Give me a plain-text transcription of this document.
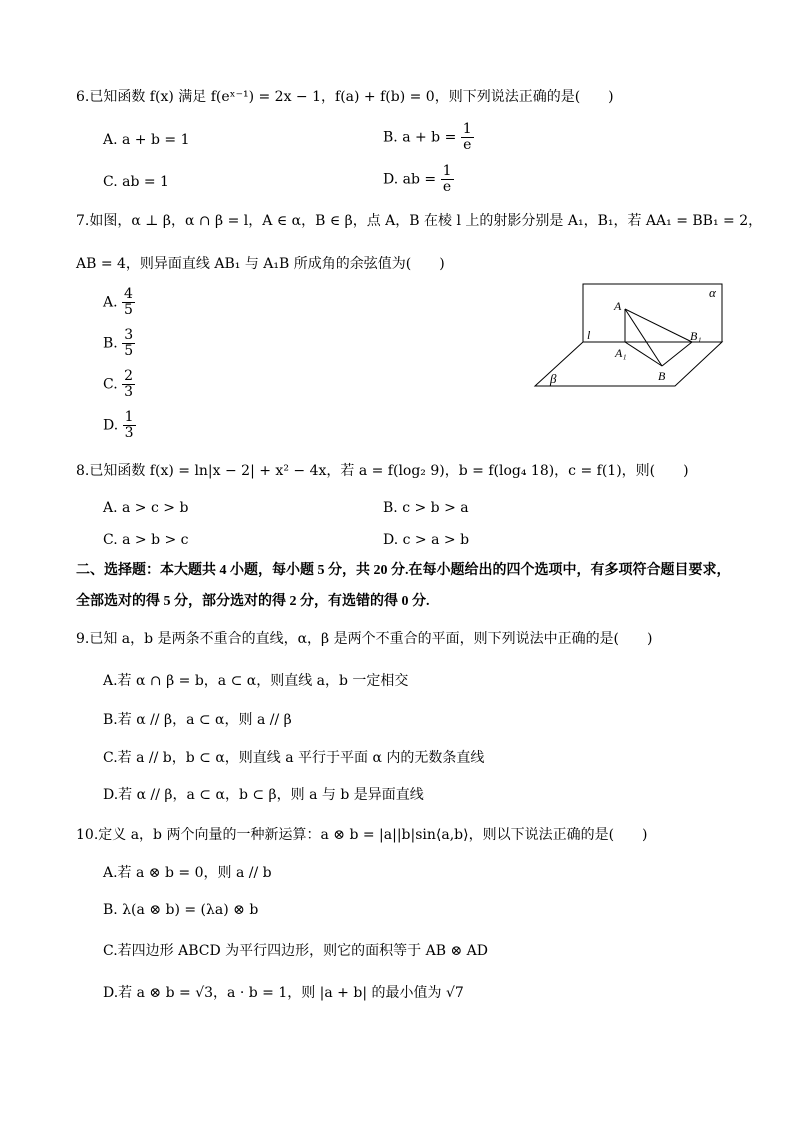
6.已知函数 f(x) 满足 f(eˣ⁻¹) = 2x − 1，f(a) + f(b) = 0，则下列说法正确的是(　　)
A. a + b = 1	B. $a + b = \frac{1}{e}$
C. ab = 1	D. ab = $\frac{1}{e}$
7.如图，α ⊥ β，α ∩ β = l，A ∈ α，B ∈ β，点 A，B 在棱 l 上的射影分别是 A₁，B₁，若 AA₁ = BB₁ = 2，
AB = 4，则异面直线 AB₁ 与 A₁B 所成角的余弦值为(　　)
A. $\frac{4}{5}$
B. $\frac{3}{5}$
C. $\frac{2}{3}$
D. $\frac{1}{3}$
α
β
l
A
A₁
B
B₁
8.已知函数 f(x) = ln|x − 2| + x² − 4x，若 a = f(log₂ 9)，b = f(log₄ 18)，c = f(1)，则(　　)
A. a > c > b	B. c > b > a
C. a > b > c	D. c > a > b
二、选择题：本大题共 4 小题，每小题 5 分，共 20 分.在每小题给出的四个选项中，有多项符合题目要求，
全部选对的得 5 分，部分选对的得 2 分，有选错的得 0 分.
9.已知 a，b 是两条不重合的直线，α，β 是两个不重合的平面，则下列说法中正确的是(　　)
A.若 α ∩ β = b，a ⊂ α，则直线 a，b 一定相交
B.若 α // β，a ⊂ α，则 a // β
C.若 a // b，b ⊂ α，则直线 a 平行于平面 α 内的无数条直线
D.若 α // β，a ⊂ α，b ⊂ β，则 a 与 b 是异面直线
10.定义 a，b 两个向量的一种新运算：a ⊗ b = |a||b|sin⟨a,b⟩，则以下说法正确的是(　　)
A.若 a ⊗ b = 0，则 a // b
B. λ(a ⊗ b) = (λa) ⊗ b
C.若四边形 ABCD 为平行四边形，则它的面积等于 AB ⊗ AD
D.若 a ⊗ b = √3，a · b = 1，则 |a + b| 的最小值为 √7
